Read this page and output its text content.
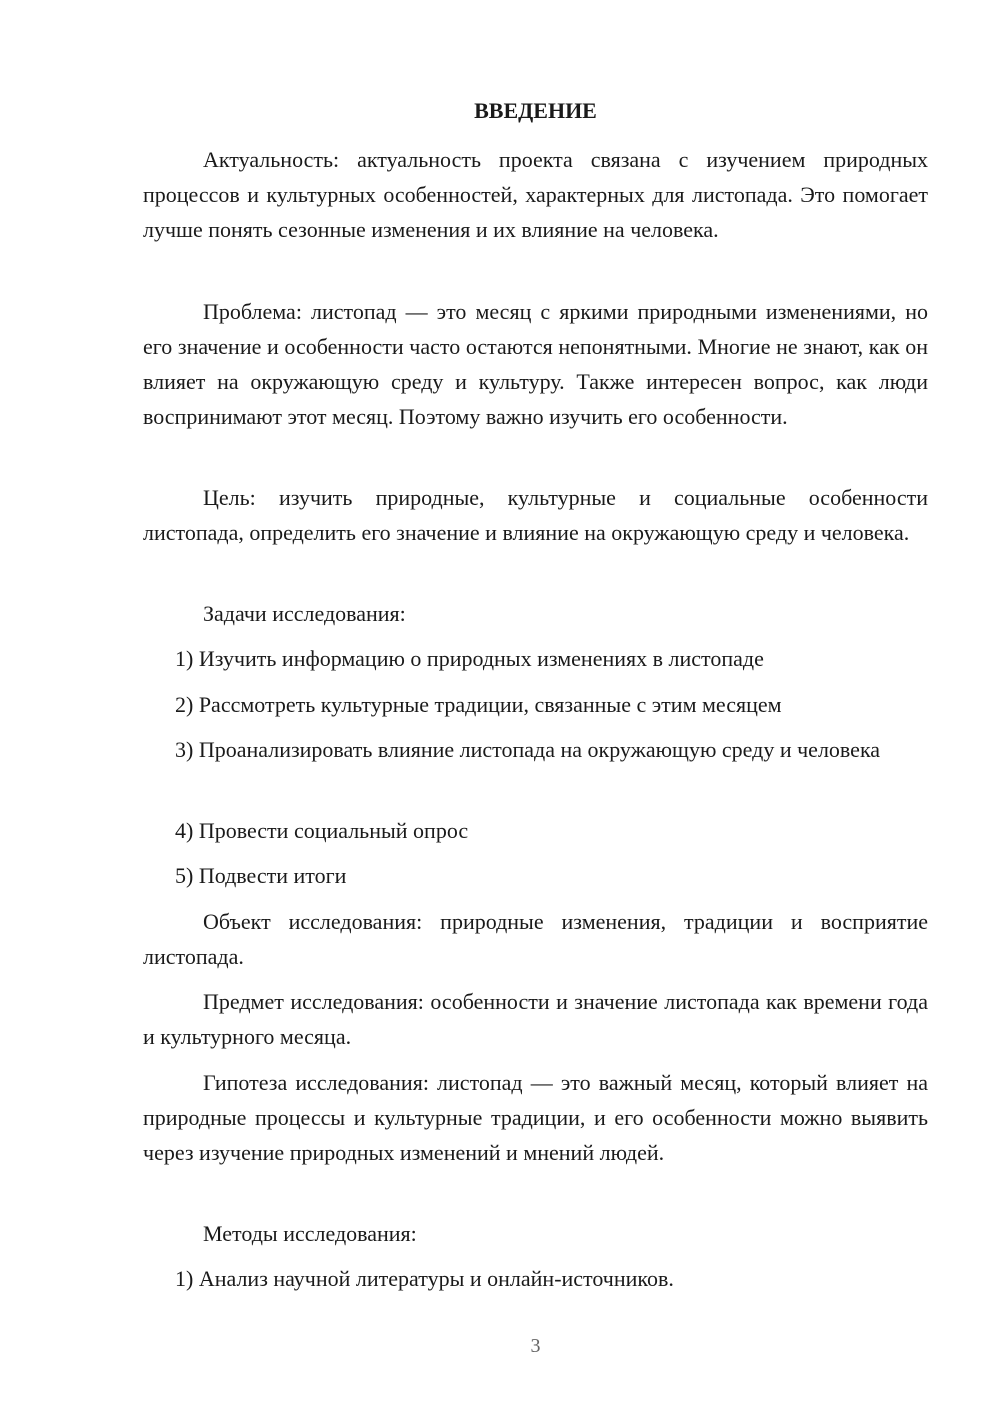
ВВЕДЕНИЕ

Актуальность: актуальность проекта связана с изучением природных процессов и культурных особенностей, характерных для листопада. Это помогает лучше понять сезонные изменения и их влияние на человека.

Проблема: листопад — это месяц с яркими природными изменениями, но его значение и особенности часто остаются непонятными. Многие не знают, как он влияет на окружающую среду и культуру. Также интересен вопрос, как люди воспринимают этот месяц. Поэтому важно изучить его особенности.

Цель: изучить природные, культурные и социальные особенности листопада, определить его значение и влияние на окружающую среду и человека.

Задачи исследования:

1) Изучить информацию о природных изменениях в листопаде

2) Рассмотреть культурные традиции, связанные с этим месяцем

3) Проанализировать влияние листопада на окружающую среду и человека

4) Провести социальный опрос

5) Подвести итоги

Объект исследования: природные изменения, традиции и восприятие листопада.

Предмет исследования: особенности и значение листопада как времени года и культурного месяца.

Гипотеза исследования: листопад — это важный месяц, который влияет на природные процессы и культурные традиции, и его особенности можно выявить через изучение природных изменений и мнений людей.

Методы исследования:

1) Анализ научной литературы и онлайн-источников.

3
